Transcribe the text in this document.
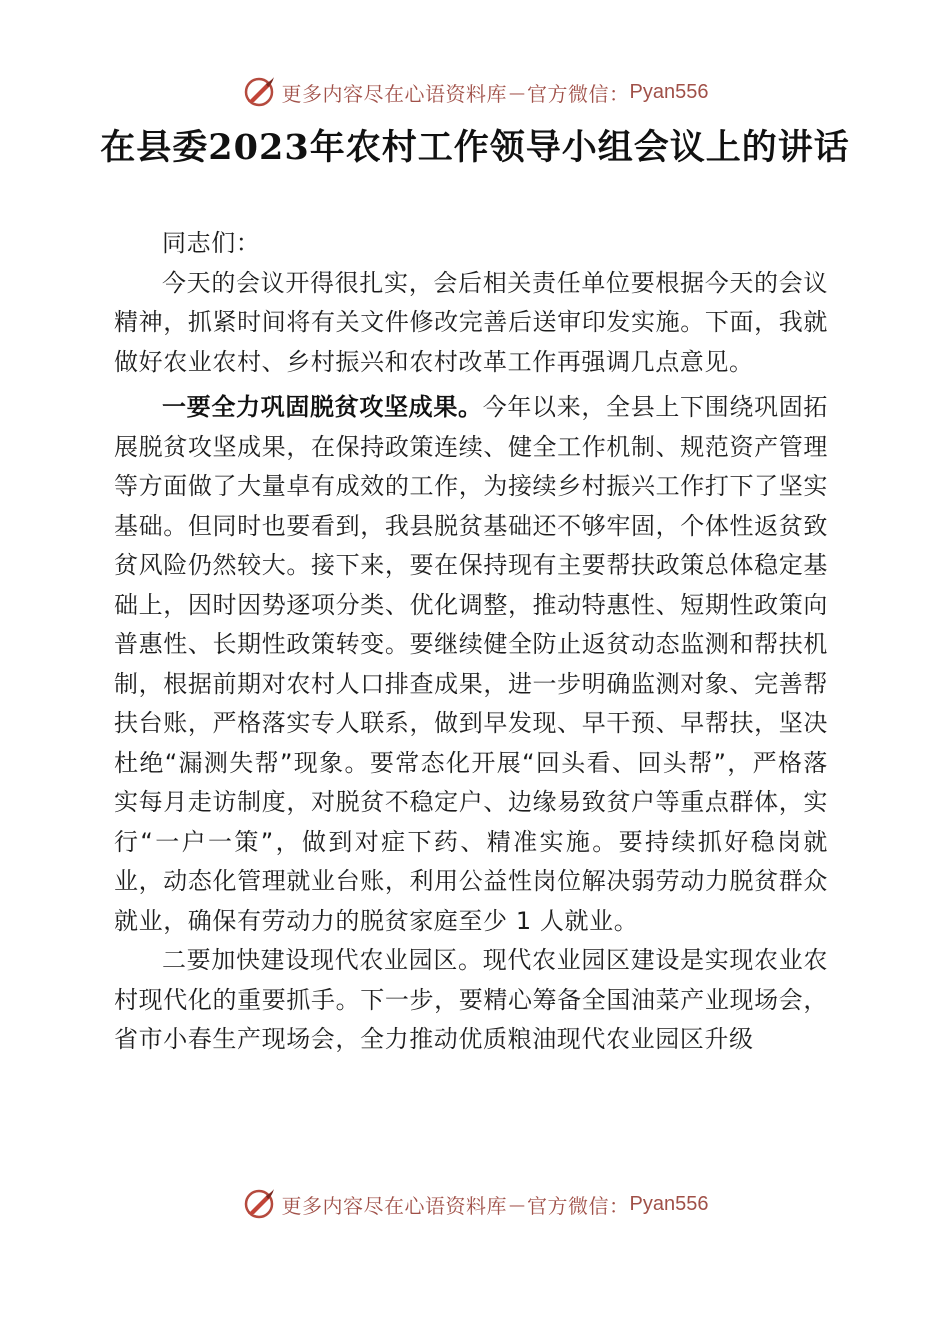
更多内容尽在心语资料库 — 官方微信： Pyan556
在县委2023年农村工作领导小组会议上的讲话

同志们：

今天的会议开得很扎实，会后相关责任单位要根据今天的会议精神，抓紧时间将有关文件修改完善后送审印发实施。下面，我就做好农业农村、乡村振兴和农村改革工作再强调几点意见。

一要全力巩固脱贫攻坚成果。今年以来，全县上下围绕巩固拓展脱贫攻坚成果，在保持政策连续、健全工作机制、规范资产管理等方面做了大量卓有成效的工作，为接续乡村振兴工作打下了坚实基础。但同时也要看到，我县脱贫基础还不够牢固，个体性返贫致贫风险仍然较大。接下来，要在保持现有主要帮扶政策总体稳定基础上，因时因势逐项分类、优化调整，推动特惠性、短期性政策向普惠性、长期性政策转变。要继续健全防止返贫动态监测和帮扶机制，根据前期对农村人口排查成果，进一步明确监测对象、完善帮扶台账，严格落实专人联系，做到早发现、早干预、早帮扶，坚决杜绝“漏测失帮”现象。要常态化开展“回头看、回头帮”，严格落实每月走访制度，对脱贫不稳定户、边缘易致贫户等重点群体，实行“一户一策”，做到对症下药、精准实施。要持续抓好稳岗就业，动态化管理就业台账，利用公益性岗位解决弱劳动力脱贫群众就业，确保有劳动力的脱贫家庭至少 1 人就业。

二要加快建设现代农业园区。现代农业园区建设是实现农业农村现代化的重要抓手。下一步，要精心筹备全国油菜产业现场会，省市小春生产现场会，全力推动优质粮油现代农业园区升级

更多内容尽在心语资料库 — 官方微信： Pyan556
